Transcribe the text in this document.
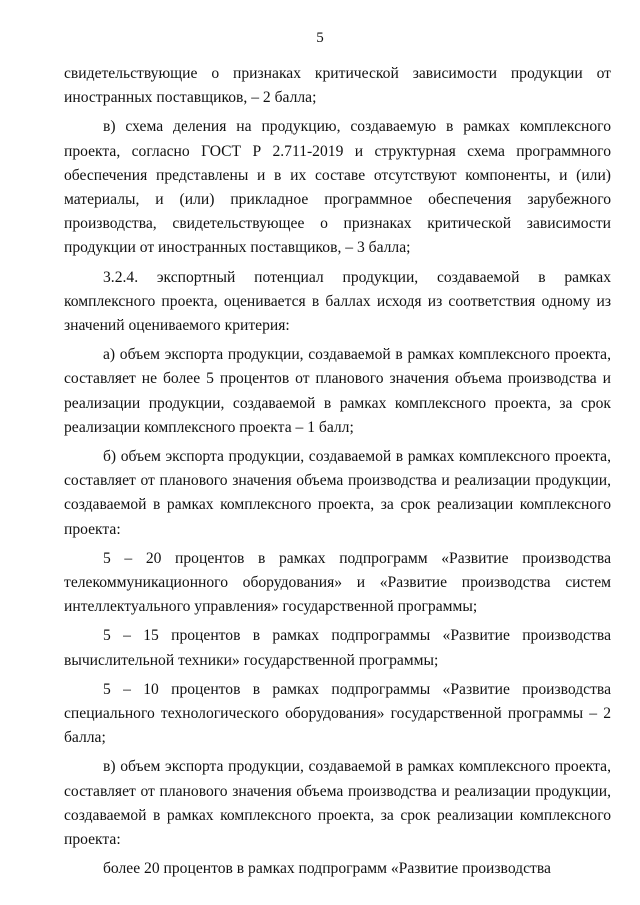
5

свидетельствующие о признаках критической зависимости продукции от иностранных поставщиков, – 2 балла;

в) схема деления на продукцию, создаваемую в рамках комплексного проекта, согласно ГОСТ Р 2.711-2019 и структурная схема программного обеспечения представлены и в их составе отсутствуют компоненты, и (или) материалы, и (или) прикладное программное обеспечения зарубежного производства, свидетельствующее о признаках критической зависимости продукции от иностранных поставщиков, – 3 балла;

3.2.4. экспортный потенциал продукции, создаваемой в рамках комплексного проекта, оценивается в баллах исходя из соответствия одному из значений оцениваемого критерия:

а) объем экспорта продукции, создаваемой в рамках комплексного проекта, составляет не более 5 процентов от планового значения объема производства и реализации продукции, создаваемой в рамках комплексного проекта, за срок реализации комплексного проекта – 1 балл;

б) объем экспорта продукции, создаваемой в рамках комплексного проекта, составляет от планового значения объема производства и реализации продукции, создаваемой в рамках комплексного проекта, за срок реализации комплексного проекта:

5 – 20 процентов в рамках подпрограмм «Развитие производства телекоммуникационного оборудования» и «Развитие производства систем интеллектуального управления» государственной программы;

5 – 15 процентов в рамках подпрограммы «Развитие производства вычислительной техники» государственной программы;

5 – 10 процентов в рамках подпрограммы «Развитие производства специального технологического оборудования» государственной программы – 2 балла;

в) объем экспорта продукции, создаваемой в рамках комплексного проекта, составляет от планового значения объема производства и реализации продукции, создаваемой в рамках комплексного проекта, за срок реализации комплексного проекта:

более 20 процентов в рамках подпрограмм «Развитие производства
